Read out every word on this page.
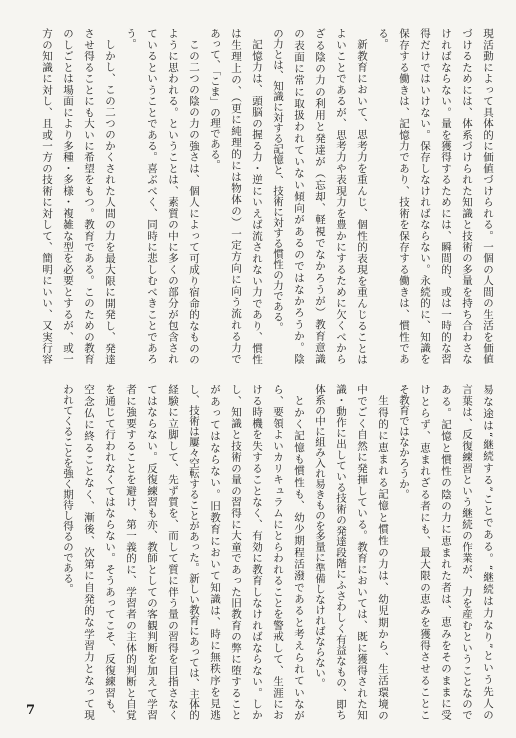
現活動によって具体的に価値づけられる。一個の人間の生活を価値
づけるためには、体系づけられた知識と技術の多量を持ち合わさな
ければならない。量を獲得するためには、瞬間的、或は一時的な習
得だけではいけない。保存しなければならない。永続的に、知識を
保存する働きは、記憶力であり、技術を保存する働きは、慣性であ
る。
新教育において、思考力を重んじ、個性的表現を重んじることは
よいことであるが、思考力や表現力を豊かにするために欠くべから
ざる陰の力の利用と発達が（忘却、軽視でなかろうが）教育意識
の表面に常に取扱われていない傾向があるのではなかろうか。陰
の力とは、知識に対する記憶と、技術に対する慣性の力である。
記憶力は、頭脳の握る力・逆にいえば流されない力であり、慣性
は生理上の、（更に純理的には物体の）一定方向に向う流れる力で
あって、「こま」の理である。
この二つの陰の力の強さは、個人によって可成り宿命的なものの
ように思われる。ということは、素質の中に多くの部分が包含され
ているということである。喜ぶべく、同時に悲しむべきことであろ
う。
しかし、この二つのかくされた人間の力を最大限に開発し、発達
させ得ることにも大いに希望をもつ。教育である。このための教育
のしごとは場面により多種・多様・複雑な型を必要とするが、或一
方の知識に対し、且或一方の技術に対して、簡明にいい、又実行容
易な途は“継続する”ことである。“継続は力なり”という先人の
言葉は、反復練習という継続の作業が、力を産むということなので
ある。記憶と慣性の陰の力に恵まれた者は、恵みをそのままに受
けとらず、恵まれざる者にも、最大限の恵みを獲得させることこ
そ教育ではなかろうか。
生得的に恵まれる記憶と慣性の力は、幼児期から、生活環境の
中でごく自然に発揮している。教育においては、既に獲得された知
識・動作に出している技術の発達段階にふさわしく有益なもの、即ち
体系の中に組み入れ易きものを多量に準備しなければならない。
とかく記憶も慣性も、幼少期程活潑であると考えられていなが
ら、要領よいカリキュラムにとらわれることを警戒して、生涯にお
ける時機を失することなく、有効に教育しなければならない。しか
し、知識と技術の量の習得に大童であった旧教育の弊に堕すること
があってはならない。旧教育において知識は、時に無秩序を見逃
し、技術は屢々空転することがあった。新しい教育にあっては、主体的
経験に立脚して、先ず質を、而して質に伴う量の習得を目指さなく
てはならない。反復練習も亦、教師としての客観判断を加えて学習
者に強要することを避け、第一義的に、学習者の主体的判断と自覚
を通じて行われなくてはならない。そうあってこそ、反復練習も、
空念仏に終ることなく、漸後、次第に自発的な学習力となって現
われてくることを強く期待し得るのである。
7
